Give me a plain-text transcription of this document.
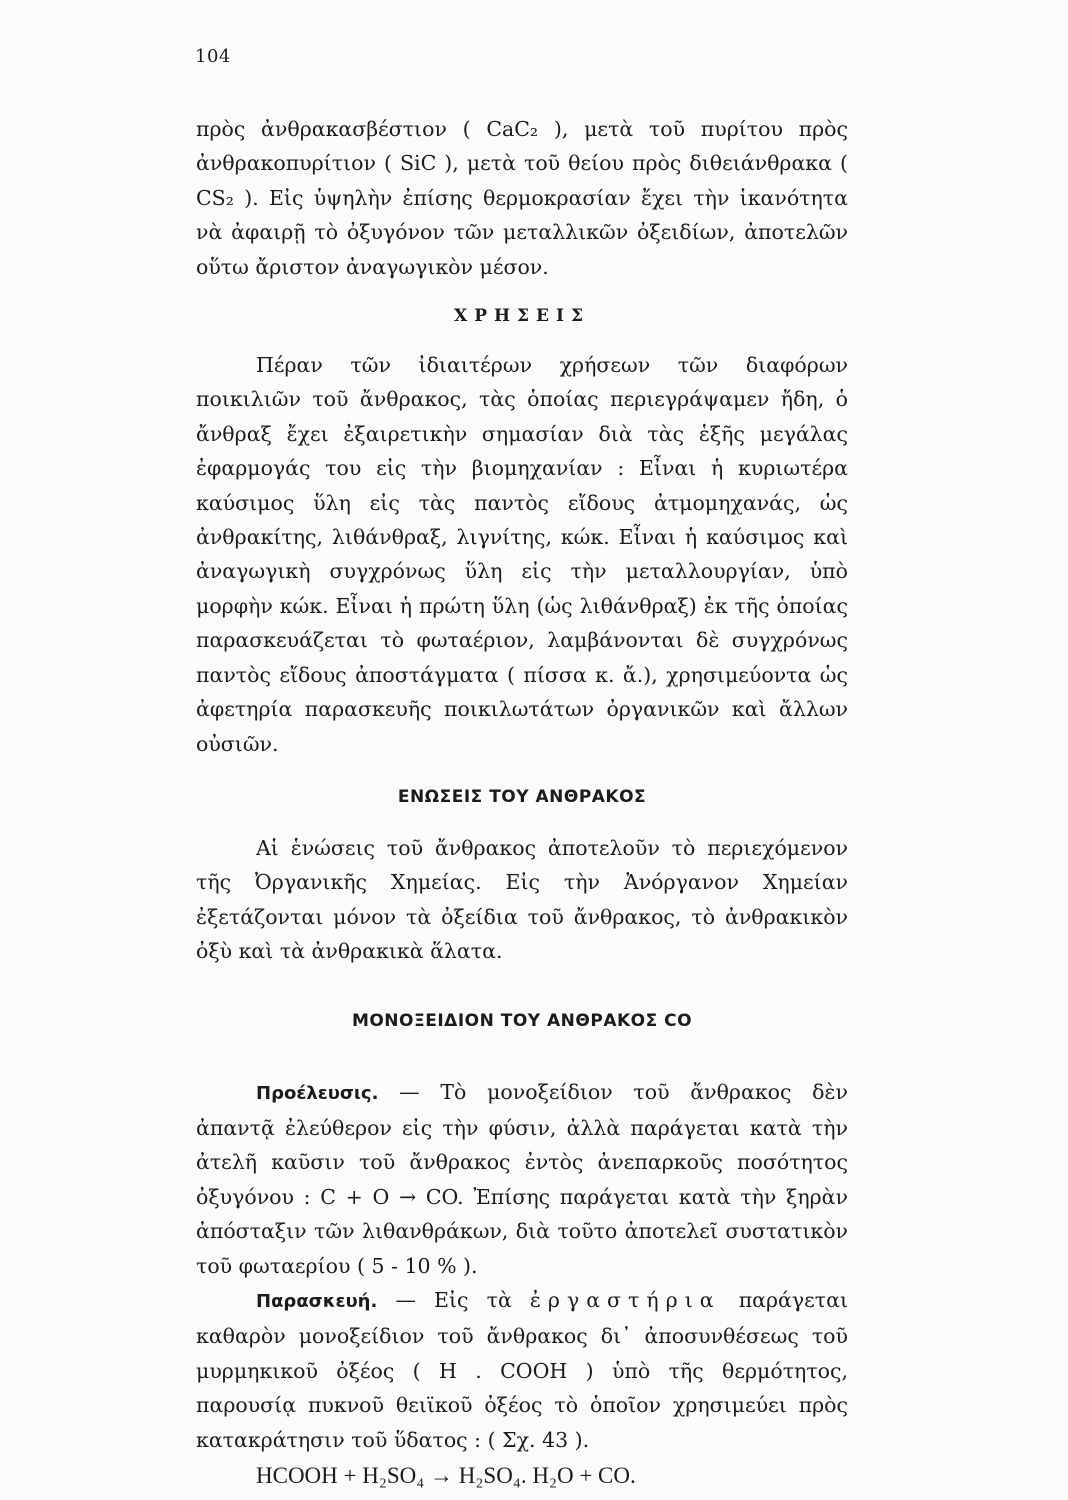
104

πρὸς ἀνθρακασβέστιον ( CaC₂ ), μετὰ τοῦ πυρίτου πρὸς ἀνθρακοπυρίτιον ( SiC ), μετὰ τοῦ θείου πρὸς διθειάνθρακα ( CS₂ ). Εἰς ὑψηλὴν ἐπίσης θερμοκρασίαν ἔχει τὴν ἱκανότητα νὰ ἀφαιρῇ τὸ ὀξυγόνον τῶν μεταλλικῶν ὀξειδίων, ἀποτελῶν οὕτω ἄριστον ἀναγωγικὸν μέσον.

ΧΡΗΣΕΙΣ

Πέραν τῶν ἰδιαιτέρων χρήσεων τῶν διαφόρων ποικιλιῶν τοῦ ἄνθρακος, τὰς ὁποίας περιεγράψαμεν ἤδη, ὁ ἄνθραξ ἔχει ἐξαιρετικὴν σημασίαν διὰ τὰς ἑξῆς μεγάλας ἐφαρμογάς του εἰς τὴν βιομηχανίαν : Εἶναι ἡ κυριωτέρα καύσιμος ὕλη εἰς τὰς παντὸς εἴδους ἀτμομηχανάς, ὡς ἀνθρακίτης, λιθάνθραξ, λιγνίτης, κώκ. Εἶναι ἡ καύσιμος καὶ ἀναγωγικὴ συγχρόνως ὕλη εἰς τὴν μεταλλουργίαν, ὑπὸ μορφὴν κώκ. Εἶναι ἡ πρώτη ὕλη (ὡς λιθάνθραξ) ἐκ τῆς ὁποίας παρασκευάζεται τὸ φωταέριον, λαμβάνονται δὲ συγχρόνως παντὸς εἴδους ἀποστάγματα ( πίσσα κ. ἄ.), χρησιμεύοντα ὡς ἀφετηρία παρασκευῆς ποικιλωτάτων ὀργανικῶν καὶ ἄλλων οὐσιῶν.

ΕΝΩΣΕΙΣ ΤΟΥ ΑΝΘΡΑΚΟΣ

Αἱ ἑνώσεις τοῦ ἄνθρακος ἀποτελοῦν τὸ περιεχόμενον τῆς Ὀργανικῆς Χημείας. Εἰς τὴν Ἀνόργανον Χημείαν ἐξετάζονται μόνον τὰ ὀξείδια τοῦ ἄνθρακος, τὸ ἀνθρακικὸν ὀξὺ καὶ τὰ ἀνθρακικὰ ἅλατα.

ΜΟΝΟΞΕΙΔΙΟΝ ΤΟΥ ΑΝΘΡΑΚΟΣ CO

Προέλευσις. — Τὸ μονοξείδιον τοῦ ἄνθρακος δὲν ἀπαντᾷ ἐλεύθερον εἰς τὴν φύσιν, ἀλλὰ παράγεται κατὰ τὴν ἀτελῆ καῦσιν τοῦ ἄνθρακος ἐντὸς ἀνεπαρκοῦς ποσότητος ὀξυγόνου : C + O → CO. Ἐπίσης παράγεται κατὰ τὴν ξηρὰν ἀπόσταξιν τῶν λιθανθράκων, διὰ τοῦτο ἀποτελεῖ συστατικὸν τοῦ φωταερίου ( 5 - 10 % ).

Παρασκευή. — Εἰς τὰ ἐργαστήρια παράγεται καθαρὸν μονοξείδιον τοῦ ἄνθρακος δι᾽ ἀποσυνθέσεως τοῦ μυρμηκικοῦ ὀξέος ( H . COOH ) ὑπὸ τῆς θερμότητος, παρουσίᾳ πυκνοῦ θειϊκοῦ ὀξέος τὸ ὁποῖον χρησιμεύει πρὸς κατακράτησιν τοῦ ὕδατος : ( Σχ. 43 ).

HCOOH + H₂SO₄ → H₂SO₄. H₂O + CO.
